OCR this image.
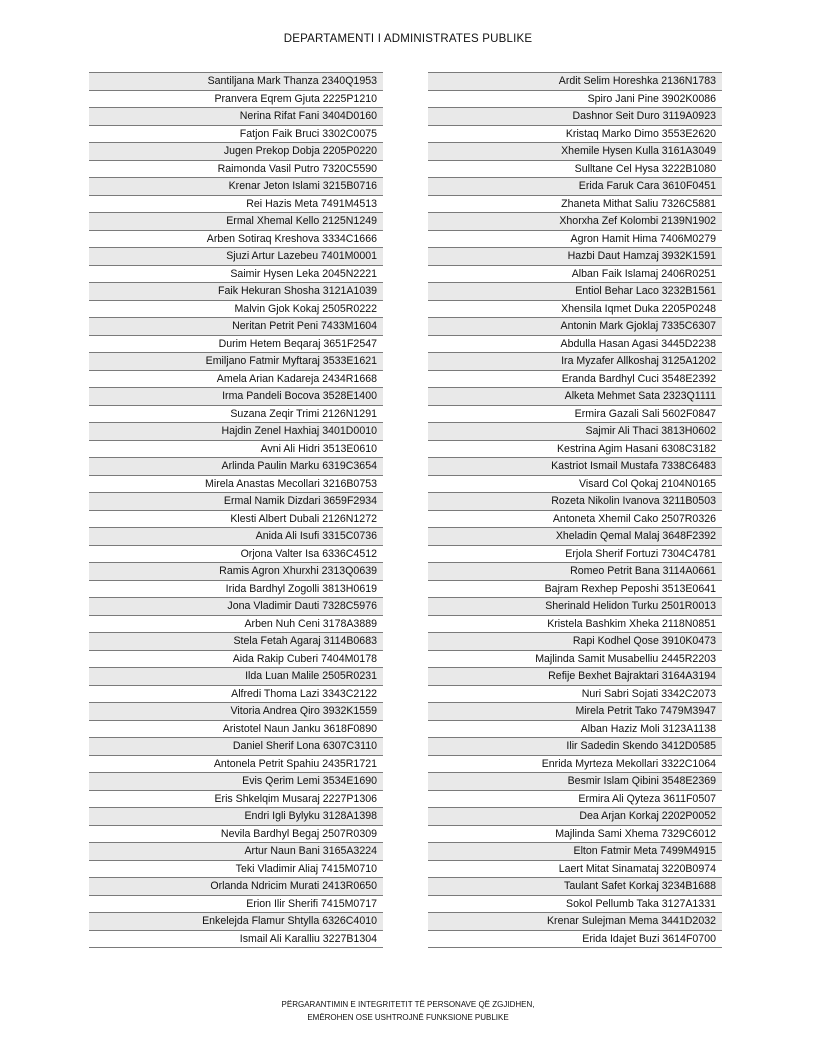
DEPARTAMENTI I ADMINISTRATES PUBLIKE
Santiljana Mark Thanza 2340Q1953
Pranvera Eqrem Gjuta 2225P1210
Nerina Rifat Fani 3404D0160
Fatjon Faik Bruci 3302C0075
Jugen Prekop Dobja 2205P0220
Raimonda Vasil Putro 7320C5590
Krenar Jeton Islami 3215B0716
Rei Hazis Meta 7491M4513
Ermal Xhemal Kello 2125N1249
Arben Sotiraq Kreshova 3334C1666
Sjuzi Artur Lazebeu 7401M0001
Saimir Hysen Leka 2045N2221
Faik Hekuran Shosha 3121A1039
Malvin Gjok Kokaj 2505R0222
Neritan Petrit Peni 7433M1604
Durim Hetem Beqaraj 3651F2547
Emiljano Fatmir Myftaraj 3533E1621
Amela Arian Kadareja 2434R1668
Irma Pandeli Bocova 3528E1400
Suzana Zeqir Trimi 2126N1291
Hajdin Zenel Haxhiaj 3401D0010
Avni Ali Hidri 3513E0610
Arlinda Paulin Marku 6319C3654
Mirela Anastas Mecollari 3216B0753
Ermal Namik Dizdari 3659F2934
Klesti Albert Dubali 2126N1272
Anida Ali Isufi 3315C0736
Orjona Valter Isa 6336C4512
Ramis Agron Xhurxhi 2313Q0639
Irida Bardhyl Zogolli 3813H0619
Jona Vladimir Dauti 7328C5976
Arben Nuh Ceni 3178A3889
Stela Fetah Agaraj 3114B0683
Aida Rakip Cuberi 7404M0178
Ilda Luan Malile 2505R0231
Alfredi Thoma Lazi 3343C2122
Vitoria Andrea Qiro 3932K1559
Aristotel Naun Janku 3618F0890
Daniel Sherif Lona 6307C3110
Antonela Petrit Spahiu 2435R1721
Evis Qerim Lemi 3534E1690
Eris Shkelqim Musaraj 2227P1306
Endri Igli Bylyku 3128A1398
Nevila Bardhyl Begaj 2507R0309
Artur Naun Bani 3165A3224
Teki Vladimir Aliaj 7415M0710
Orlanda Ndricim Murati 2413R0650
Erion Ilir Sherifi 7415M0717
Enkelejda Flamur Shtylla 6326C4010
Ismail Ali Karalliu 3227B1304
Ardit Selim Horeshka 2136N1783
Spiro Jani Pine 3902K0086
Dashnor Seit Duro 3119A0923
Kristaq Marko Dimo 3553E2620
Xhemile Hysen Kulla 3161A3049
Sulltane Cel Hysa 3222B1080
Erida Faruk Cara 3610F0451
Zhaneta Mithat Saliu 7326C5881
Xhorxha Zef Kolombi 2139N1902
Agron Hamit Hima 7406M0279
Hazbi Daut Hamzaj 3932K1591
Alban Faik Islamaj 2406R0251
Entiol Behar Laco 3232B1561
Xhensila Iqmet Duka 2205P0248
Antonin Mark Gjoklaj 7335C6307
Abdulla Hasan Agasi 3445D2238
Ira Myzafer Allkoshaj 3125A1202
Eranda Bardhyl Cuci 3548E2392
Alketa Mehmet Sata 2323Q1111
Ermira Gazali Sali 5602F0847
Sajmir Ali Thaci 3813H0602
Kestrina Agim Hasani 6308C3182
Kastriot Ismail Mustafa 7338C6483
Visard Col Qokaj 2104N0165
Rozeta Nikolin Ivanova 3211B0503
Antoneta Xhemil Cako 2507R0326
Xheladin Qemal Malaj 3648F2392
Erjola Sherif Fortuzi 7304C4781
Romeo Petrit Bana 3114A0661
Bajram Rexhep Peposhi 3513E0641
Sherinald Helidon Turku 2501R0013
Kristela Bashkim Xheka 2118N0851
Rapi Kodhel Qose 3910K0473
Majlinda Samit Musabelliu 2445R2203
Refije Bexhet Bajraktari 3164A3194
Nuri Sabri Sojati 3342C2073
Mirela Petrit Tako 7479M3947
Alban Haziz Moli 3123A1138
Ilir Sadedin Skendo 3412D0585
Enrida Myrteza Mekollari 3322C1064
Besmir Islam Qibini 3548E2369
Ermira Ali Qyteza 3611F0507
Dea Arjan Korkaj 2202P0052
Majlinda Sami Xhema 7329C6012
Elton Fatmir Meta 7499M4915
Laert Mitat Sinamataj 3220B0974
Taulant Safet Korkaj 3234B1688
Sokol Pellumb Taka 3127A1331
Krenar Sulejman Mema 3441D2032
Erida Idajet Buzi 3614F0700
PËRGARANTIMIN E INTEGRITETIT TË PERSONAVE QË ZGJIDHEN,
EMËROHEN OSE USHTROJNË FUNKSIONE PUBLIKE
